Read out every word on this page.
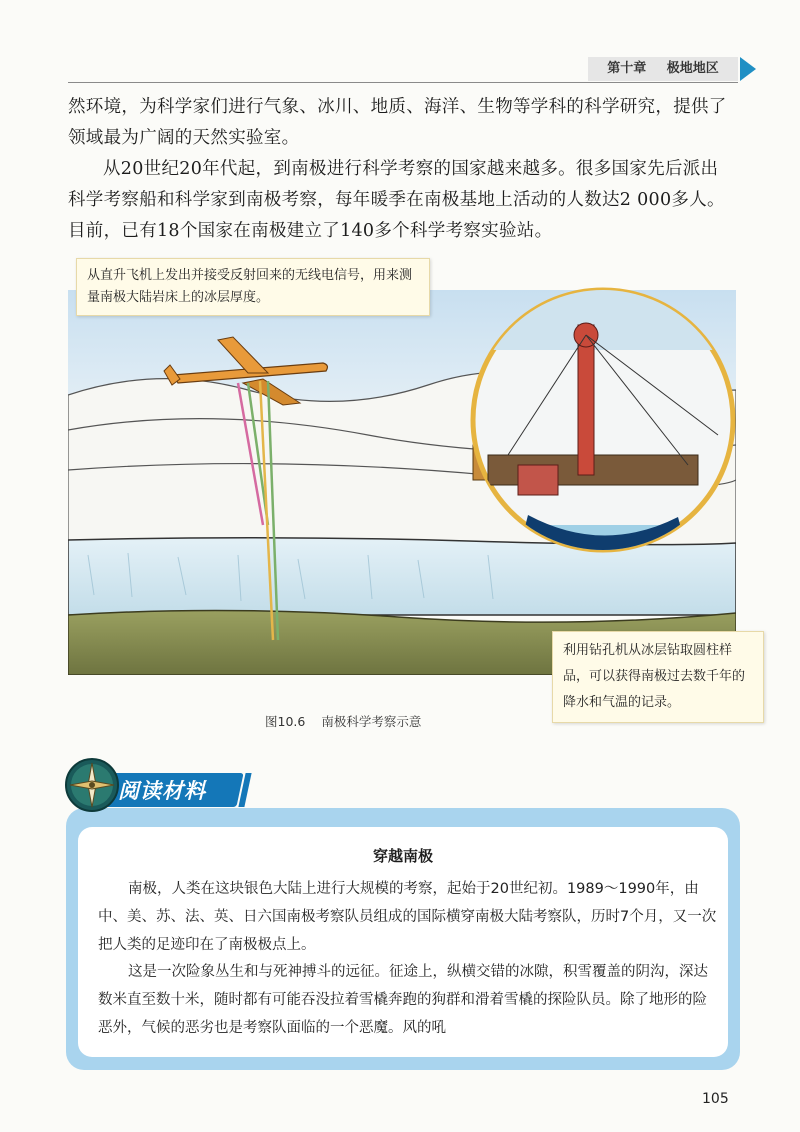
第十章 极地地区
然环境，为科学家们进行气象、冰川、地质、海洋、生物等学科的科学研究，提供了领域最为广阔的天然实验室。
从20世纪20年代起，到南极进行科学考察的国家越来越多。很多国家先后派出科学考察船和科学家到南极考察，每年暖季在南极基地上活动的人数达2 000多人。目前，已有18个国家在南极建立了140多个科学考察实验站。
从直升飞机上发出并接受反射回来的无线电信号，用来测量南极大陆岩床上的冰层厚度。
利用钻孔机从冰层钻取圆柱样品，可以获得南极过去数千年的降水和气温的记录。
图10.6 南极科学考察示意
阅读材料
穿越南极
南极，人类在这块银色大陆上进行大规模的考察，起始于20世纪初。1989～1990年，由中、美、苏、法、英、日六国南极考察队员组成的国际横穿南极大陆考察队，历时7个月，又一次把人类的足迹印在了南极极点上。
这是一次险象丛生和与死神搏斗的远征。征途上，纵横交错的冰隙，积雪覆盖的阴沟，深达数米直至数十米，随时都有可能吞没拉着雪橇奔跑的狗群和滑着雪橇的探险队员。除了地形的险恶外，气候的恶劣也是考察队面临的一个恶魔。风的吼
105
